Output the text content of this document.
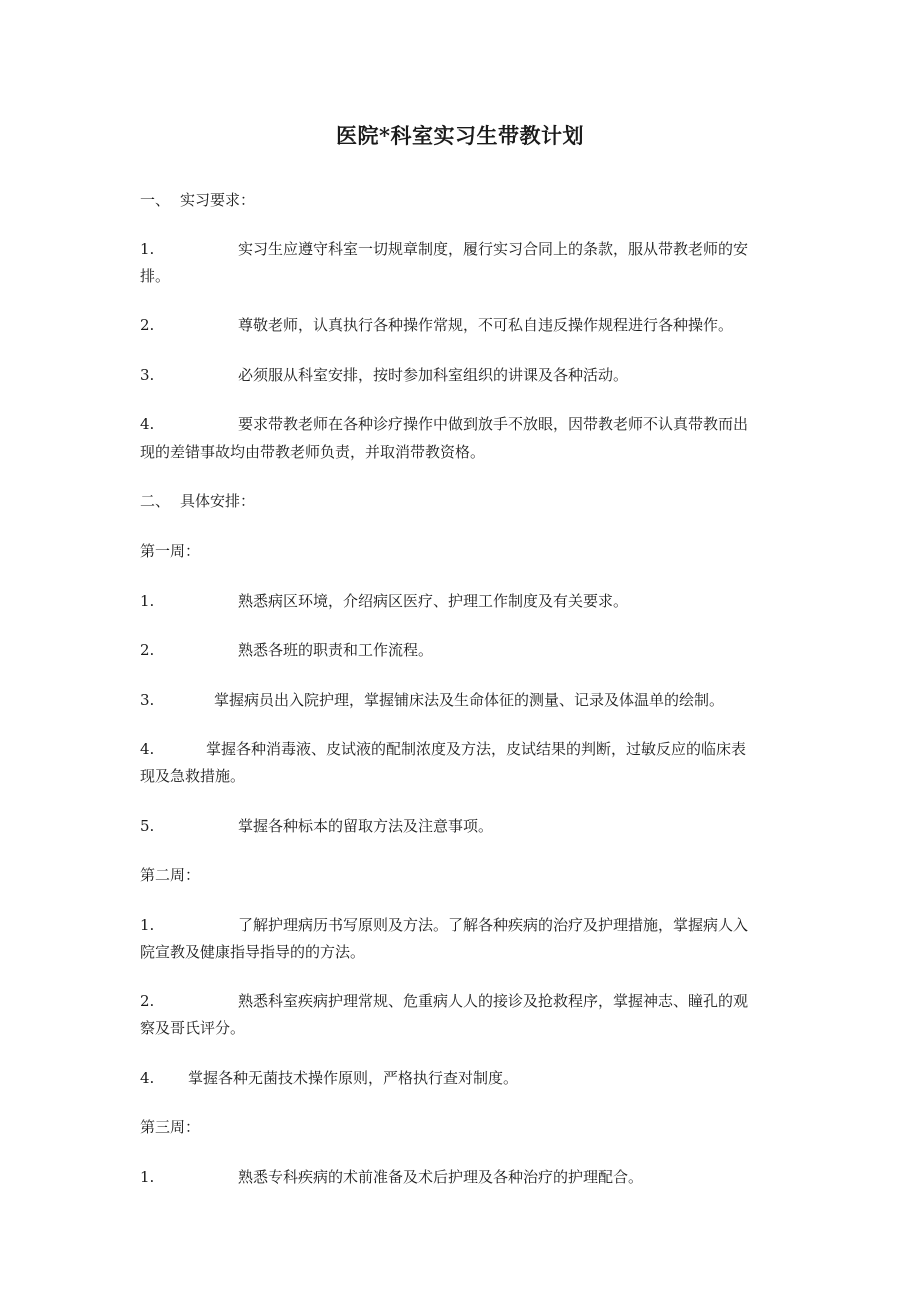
医院*科室实习生带教计划
一、 实习要求：
1.	实习生应遵守科室一切规章制度，履行实习合同上的条款，服从带教老师的安
排。
2.	尊敬老师，认真执行各种操作常规，不可私自违反操作规程进行各种操作。
3.	必须服从科室安排，按时参加科室组织的讲课及各种活动。
4.	要求带教老师在各种诊疗操作中做到放手不放眼，因带教老师不认真带教而出
现的差错事故均由带教老师负责，并取消带教资格。
二、 具体安排：
第一周：
1.	熟悉病区环境，介绍病区医疗、护理工作制度及有关要求。
2.	熟悉各班的职责和工作流程。
3.	掌握病员出入院护理，掌握铺床法及生命体征的测量、记录及体温单的绘制。
4.	掌握各种消毒液、皮试液的配制浓度及方法，皮试结果的判断，过敏反应的临床表
现及急救措施。
5.	掌握各种标本的留取方法及注意事项。
第二周：
1.	了解护理病历书写原则及方法。了解各种疾病的治疗及护理措施，掌握病人入
院宣教及健康指导指导的的方法。
2.	熟悉科室疾病护理常规、危重病人人的接诊及抢救程序，掌握神志、瞳孔的观
察及哥氏评分。
4. 掌握各种无菌技术操作原则，严格执行查对制度。
第三周：
1.	熟悉专科疾病的术前准备及术后护理及各种治疗的护理配合。
